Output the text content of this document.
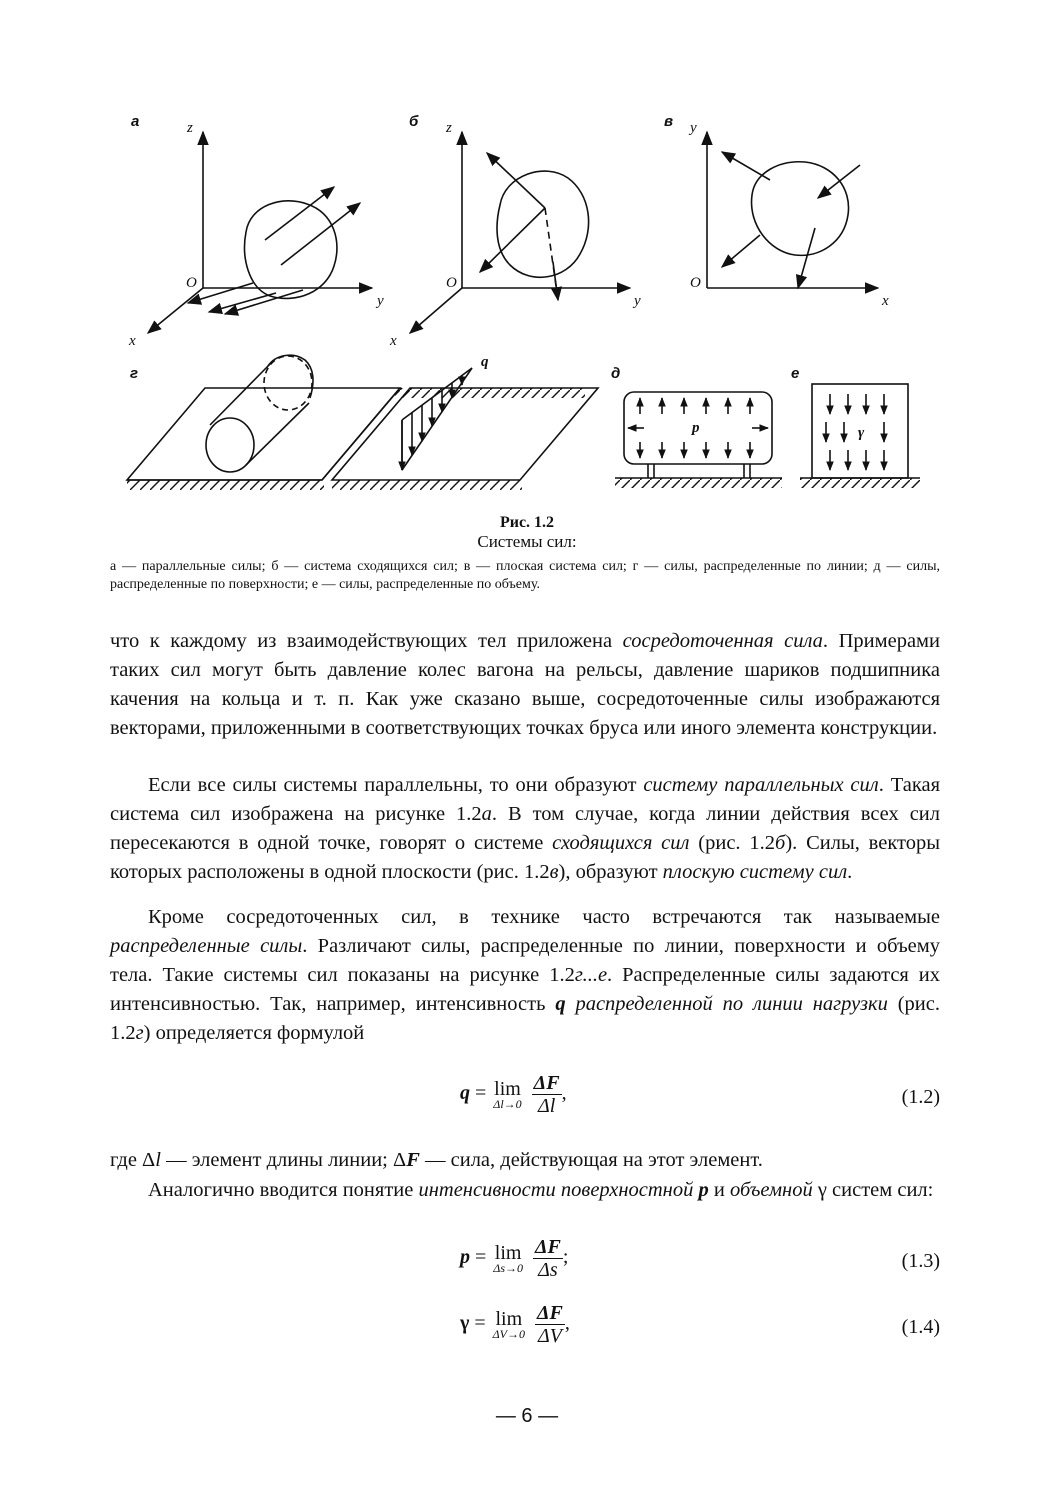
а	z
O
y
x
б z
O
y
x
в y
O
x
г
q
д
p
е
γ
Рис. 1.2
Системы сил:
а — параллельные силы; б — система сходящихся сил; в — плоская система сил; г — силы, распределенные по линии; д — силы, распределенные по поверхности; е — силы, распределенные по объему.
что к каждому из взаимодействующих тел приложена сосредоточенная сила. Примерами таких сил могут быть давление колес вагона на рельсы, давление шариков подшипника качения на кольца и т. п. Как уже сказано выше, сосредоточенные силы изображаются векторами, приложенными в соответствующих точках бруса или иного элемента конструкции.
Если все силы системы параллельны, то они образуют систему параллельных сил. Такая система сил изображена на рисунке 1.2а. В том случае, когда линии действия всех сил пересекаются в одной точке, говорят о системе сходящихся сил (рис. 1.2б). Силы, векторы которых расположены в одной плоскости (рис. 1.2в), образуют плоскую систему сил.
Кроме сосредоточенных сил, в технике часто встречаются так называемые распределенные силы. Различают силы, распределенные по линии, поверхности и объему тела. Такие системы сил показаны на рисунке 1.2г...е. Распределенные силы задаются их интенсивностью. Так, например, интенсивность q распределенной по линии нагрузки (рис. 1.2г) определяется формулой
q = lim
Δl→0
$\frac{\Delta F}{\Delta l}$ ,	(1.2)
где Δl — элемент длины линии; ΔF — сила, действующая на этот элемент.
Аналогично вводится понятие интенсивности поверхностной p и объемной γ систем сил:
p = lim
Δs→0
$\frac{\Delta F}{\Delta s}$ ;	(1.3)
γ = lim
ΔV→0
$\frac{\Delta F}{\Delta V}$ ,	(1.4)
— 6 —
